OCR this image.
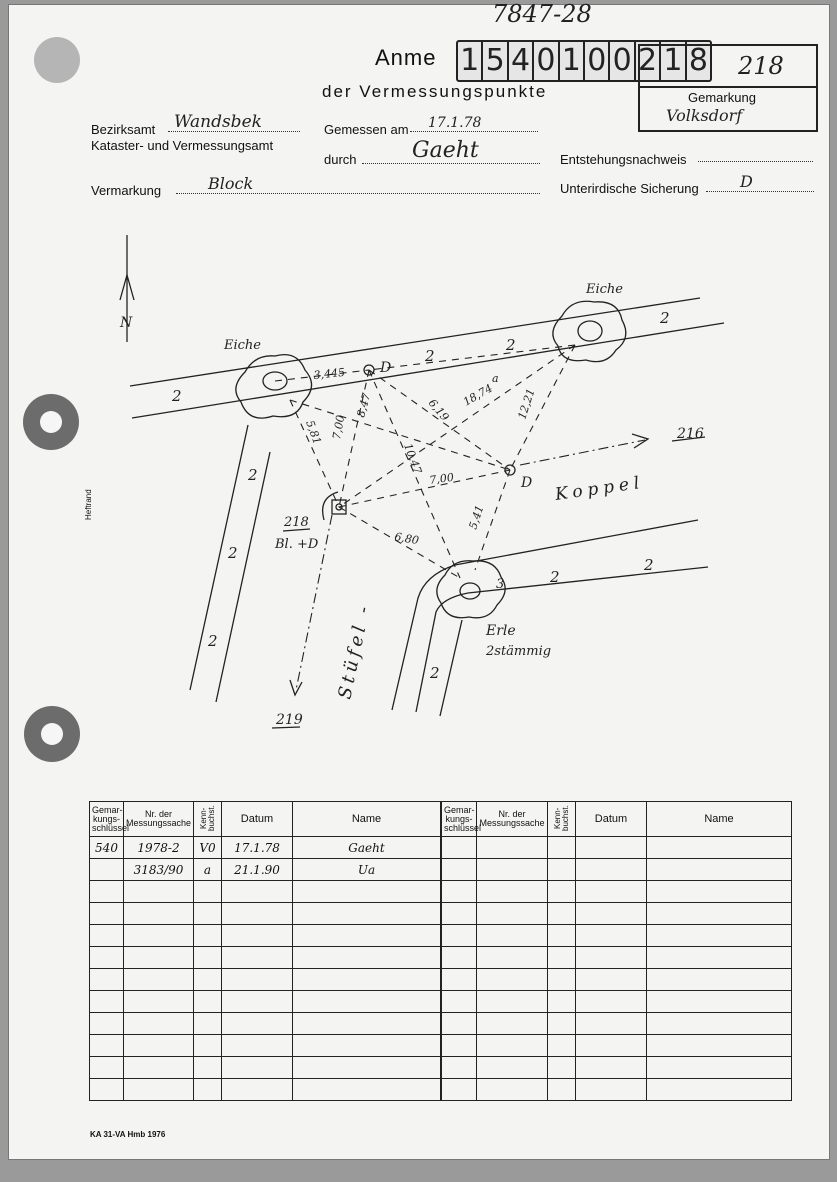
7847-28
Anme 1 5 4 0 1 0 0 2 1 8
der Vermessungspunkte
218
Gemarkung
Volksdorf
Bezirksamt Wandsbek
Kataster- und Vermessungsamt
Gemessen am 17.1.78
durch	Gaeht	Entstehungsnachweis
Vermarkung	Block	Unterirdische Sicherung	D
Heftrand
N
Eiche
Eiche
Erle
2stämmig
Koppel
Stüfel -
218
Bl. +D
216
219
3,445
8,47	6,19
18,74 12,21
5,81 7,00
10,47
7,00
5,41
6,80
a
2
2
2
2
2
2
2
2
2
2
D
D
3
Gemar-kungs-schlüssel	Nr. der Messungssache	Kenn-buchst.	Datum	Name
540	1978-2	V0	17.1.78	Gaeht
	3183/90	a	21.1.90	Ua

Gemar-kungs-schlüssel	Nr. der Messungssache	Kenn-buchst.	Datum	Name

KA 31-VA Hmb 1976
